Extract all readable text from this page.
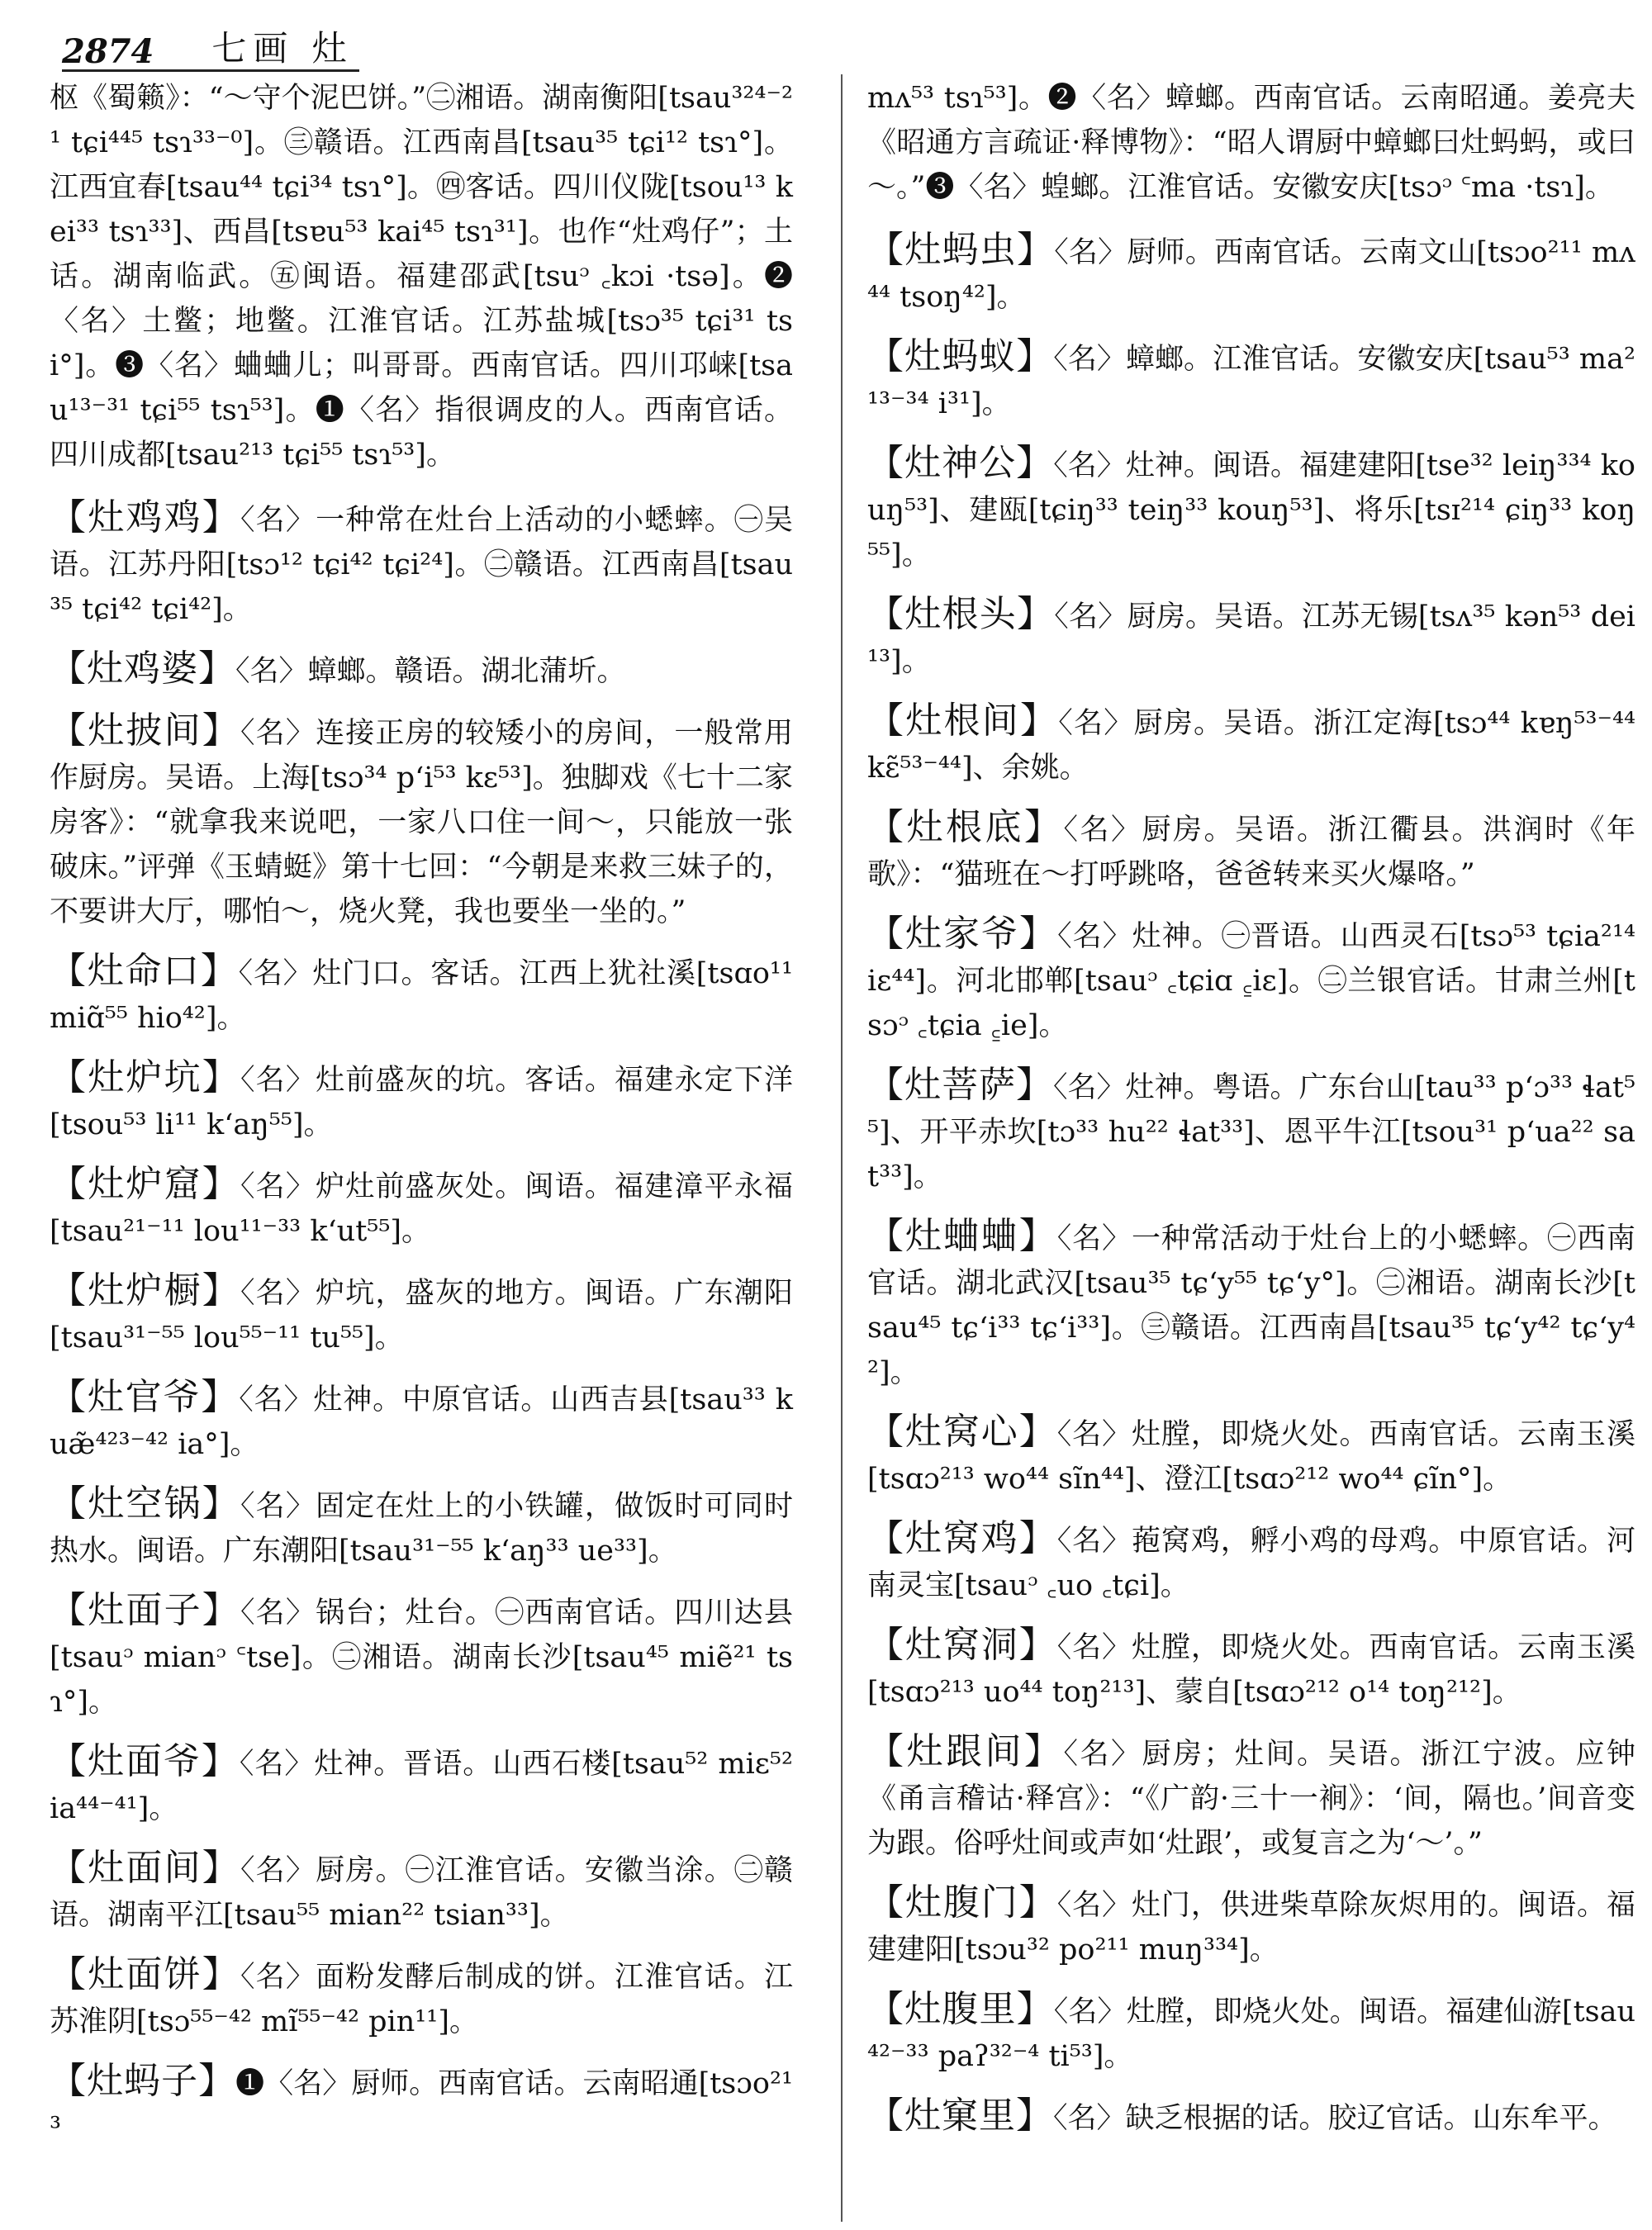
2874 七画 灶

枢《蜀籁》：“～守个泥巴饼。”㊁湘语。湖南衡阳[tsau³²⁴⁻²¹ tɕi⁴⁴⁵ tsɿ³³⁻⁰]。㊂赣语。江西南昌[tsau³⁵ tɕi¹² tsɿ°]。江西宜春[tsau⁴⁴ tɕi³⁴ tsɿ°]。㊃客话。四川仪陇[tsou¹³ kei³³ tsɿ³³]、西昌[tsɐu⁵³ kai⁴⁵ tsɿ³¹]。也作“灶鸡仔”；土话。湖南临武。㊄闽语。福建邵武[tsuᵓ ꜀kɔi ·tsə]。❷〈名〉土鳖；地鳖。江淮官话。江苏盐城[tsɔ³⁵ tɕi³¹ tsi°]。❸〈名〉蛐蛐儿；叫哥哥。西南官话。四川邛崃[tsau¹³⁻³¹ tɕi⁵⁵ tsɿ⁵³]。❶〈名〉指很调皮的人。西南官话。四川成都[tsau²¹³ tɕi⁵⁵ tsɿ⁵³]。

【灶鸡鸡】〈名〉一种常在灶台上活动的小蟋蟀。㊀吴语。江苏丹阳[tsɔ¹² tɕi⁴² tɕi²⁴]。㊁赣语。江西南昌[tsau³⁵ tɕi⁴² tɕi⁴²]。

【灶鸡婆】〈名〉蟑螂。赣语。湖北蒲圻。

【灶披间】〈名〉连接正房的较矮小的房间，一般常用作厨房。吴语。上海[tsɔ³⁴ p‘i⁵³ kɛ⁵³]。独脚戏《七十二家房客》：“就拿我来说吧，一家八口住一间～，只能放一张破床。”评弹《玉蜻蜓》第十七回：“今朝是来救三妹子的，不要讲大厅，哪怕～，烧火凳，我也要坐一坐的。”

【灶命口】〈名〉灶门口。客话。江西上犹社溪[tsɑo¹¹ miɑ̃⁵⁵ hio⁴²]。

【灶炉坑】〈名〉灶前盛灰的坑。客话。福建永定下洋[tsou⁵³ li¹¹ k‘aŋ⁵⁵]。

【灶炉窟】〈名〉炉灶前盛灰处。闽语。福建漳平永福[tsau²¹⁻¹¹ lou¹¹⁻³³ k‘ut⁵⁵]。

【灶炉橱】〈名〉炉坑，盛灰的地方。闽语。广东潮阳[tsau³¹⁻⁵⁵ lou⁵⁵⁻¹¹ tu⁵⁵]。

【灶官爷】〈名〉灶神。中原官话。山西吉县[tsau³³ kuæ̃⁴²³⁻⁴² ia°]。

【灶空锅】〈名〉固定在灶上的小铁罐，做饭时可同时热水。闽语。广东潮阳[tsau³¹⁻⁵⁵ k‘aŋ³³ ue³³]。

【灶面子】〈名〉锅台；灶台。㊀西南官话。四川达县[tsauᵓ mianᵓ ꜂tse]。㊁湘语。湖南长沙[tsau⁴⁵ miẽ²¹ tsɿ°]。

【灶面爷】〈名〉灶神。晋语。山西石楼[tsau⁵² miɛ⁵² ia⁴⁴⁻⁴¹]。

【灶面间】〈名〉厨房。㊀江淮官话。安徽当涂。㊁赣语。湖南平江[tsau⁵⁵ mian²² tsian³³]。

【灶面饼】〈名〉面粉发酵后制成的饼。江淮官话。江苏淮阴[tsɔ⁵⁵⁻⁴² mĩ⁵⁵⁻⁴² pin¹¹]。

【灶蚂子】❶〈名〉厨师。西南官话。云南昭通[tsɔo²¹³

mʌ⁵³ tsɿ⁵³]。❷〈名〉蟑螂。西南官话。云南昭通。姜亮夫《昭通方言疏证·释博物》：“昭人谓厨中蟑螂曰灶蚂蚂，或曰～。”❸〈名〉蝗螂。江淮官话。安徽安庆[tsɔᵓ ꜂ma ·tsɿ]。

【灶蚂虫】〈名〉厨师。西南官话。云南文山[tsɔo²¹¹ mʌ⁴⁴ tsoŋ⁴²]。

【灶蚂蚁】〈名〉蟑螂。江淮官话。安徽安庆[tsau⁵³ ma²¹³⁻³⁴ i³¹]。

【灶神公】〈名〉灶神。闽语。福建建阳[tse³² leiŋ³³⁴ kouŋ⁵³]、建瓯[tɕiŋ³³ teiŋ³³ kouŋ⁵³]、将乐[tsɪ²¹⁴ ɕiŋ³³ koŋ⁵⁵]。

【灶根头】〈名〉厨房。吴语。江苏无锡[tsʌ³⁵ kən⁵³ dei¹³]。

【灶根间】〈名〉厨房。吴语。浙江定海[tsɔ⁴⁴ kɐŋ⁵³⁻⁴⁴ kɛ̃⁵³⁻⁴⁴]、余姚。

【灶根底】〈名〉厨房。吴语。浙江衢县。洪润时《年歌》：“猫班在～打呼跳咯，爸爸转来买火爆咯。”

【灶家爷】〈名〉灶神。㊀晋语。山西灵石[tsɔ⁵³ tɕia²¹⁴ iɛ⁴⁴]。河北邯郸[tsauᵓ ꜀tɕiɑ ꜁iɛ]。㊁兰银官话。甘肃兰州[tsɔᵓ ꜀tɕia ꜁ie]。

【灶菩萨】〈名〉灶神。粤语。广东台山[tau³³ p‘ɔ³³ ɬat⁵⁵]、开平赤坎[tɔ³³ hu²² ɬat³³]、恩平牛江[tsou³¹ p‘ua²² sat³³]。

【灶蛐蛐】〈名〉一种常活动于灶台上的小蟋蟀。㊀西南官话。湖北武汉[tsau³⁵ tɕ‘y⁵⁵ tɕ‘y°]。㊁湘语。湖南长沙[tsau⁴⁵ tɕ‘i³³ tɕ‘i³³]。㊂赣语。江西南昌[tsau³⁵ tɕ‘y⁴² tɕ‘y⁴²]。

【灶窝心】〈名〉灶膛，即烧火处。西南官话。云南玉溪[tsɑɔ²¹³ wo⁴⁴ sĩn⁴⁴]、澄江[tsɑɔ²¹² wo⁴⁴ ɕĩn°]。

【灶窝鸡】〈名〉菢窝鸡，孵小鸡的母鸡。中原官话。河南灵宝[tsauᵓ ꜀uo ꜀tɕi]。

【灶窝洞】〈名〉灶膛，即烧火处。西南官话。云南玉溪[tsɑɔ²¹³ uo⁴⁴ toŋ²¹³]、蒙自[tsɑɔ²¹² o¹⁴ toŋ²¹²]。

【灶跟间】〈名〉厨房；灶间。吴语。浙江宁波。应钟《甬言稽诂·释宫》：“《广韵·三十一裥》：‘间，隔也。’间音变为跟。俗呼灶间或声如‘灶跟’，或复言之为‘～’。”

【灶腹门】〈名〉灶门，供进柴草除灰烬用的。闽语。福建建阳[tsɔu³² po²¹¹ muŋ³³⁴]。

【灶腹里】〈名〉灶膛，即烧火处。闽语。福建仙游[tsau⁴²⁻³³ paʔ³²⁻⁴ ti⁵³]。

【灶窠里】〈名〉缺乏根据的话。胶辽官话。山东牟平。
